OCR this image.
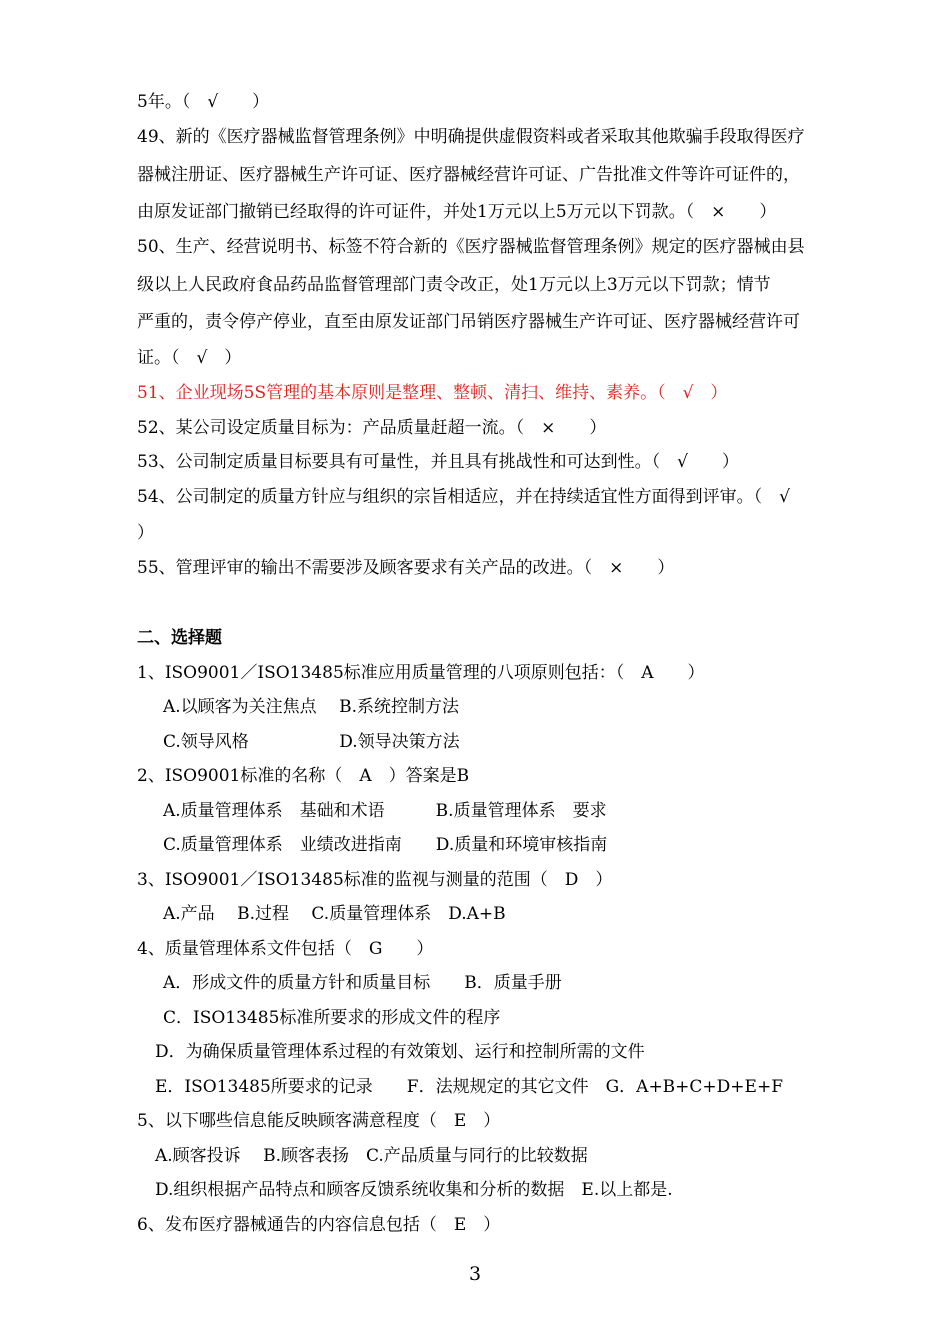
5年。（　√　　）
49、新的《医疗器械监督管理条例》中明确提供虚假资料或者采取其他欺骗手段取得医疗
器械注册证、医疗器械生产许可证、医疗器械经营许可证、广告批准文件等许可证件的，
由原发证部门撤销已经取得的许可证件，并处1万元以上5万元以下罚款。（　×　　）
50、生产、经营说明书、标签不符合新的《医疗器械监督管理条例》规定的医疗器械由县
级以上人民政府食品药品监督管理部门责令改正，处1万元以上3万元以下罚款；情节
严重的，责令停产停业，直至由原发证部门吊销医疗器械生产许可证、医疗器械经营许可
证。（　√　）
51、企业现场5S管理的基本原则是整理、整顿、清扫、维持、素养。（　√　）
52、某公司设定质量目标为：产品质量赶超一流。（　×　　）
53、公司制定质量目标要具有可量性，并且具有挑战性和可达到性。（　√　　）
54、公司制定的质量方针应与组织的宗旨相适应，并在持续适宜性方面得到评审。（　√
）
55、管理评审的输出不需要涉及顾客要求有关产品的改进。（　×　　）
二、选择题
1、ISO9001／ISO13485标准应用质量管理的八项原则包括：（　A　　）
A.以顾客为关注焦点　 B.系统控制方法
C.领导风格　　　　　 D.领导决策方法
2、ISO9001标准的名称（　A　）答案是B
A.质量管理体系　基础和术语　　　B.质量管理体系　要求
C.质量管理体系　业绩改进指南　　D.质量和环境审核指南
3、ISO9001／ISO13485标准的监视与测量的范围（　D　）
A.产品　 B.过程　 C.质量管理体系　D.A+B
4、质量管理体系文件包括（　G　　）
A．形成文件的质量方针和质量目标　　B．质量手册
C．ISO13485标准所要求的形成文件的程序
D．为确保质量管理体系过程的有效策划、运行和控制所需的文件
E．ISO13485所要求的记录　　F．法规规定的其它文件　G．A+B+C+D+E+F
5、以下哪些信息能反映顾客满意程度（　E　）
A.顾客投诉　 B.顾客表扬　C.产品质量与同行的比较数据
D.组织根据产品特点和顾客反馈系统收集和分析的数据　E.以上都是.
6、发布医疗器械通告的内容信息包括（　E　）
3
